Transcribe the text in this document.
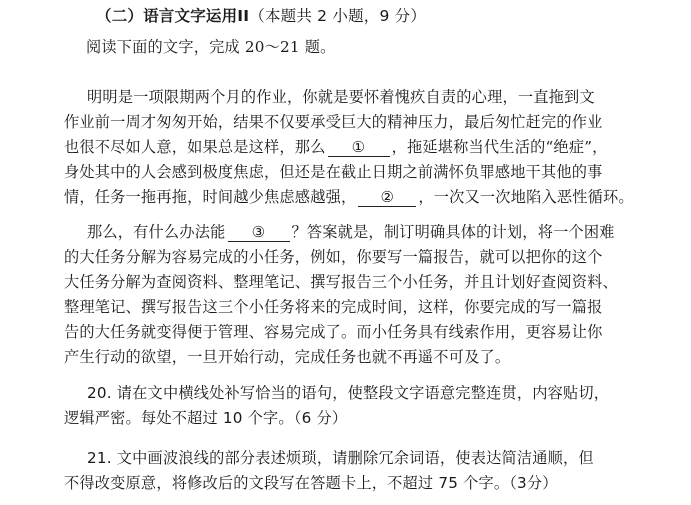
（二）语言文字运用II（本题共 2 小题，9 分）
阅读下面的文字，完成 20～21 题。
明明是一项限期两个月的作业，你就是要怀着愧疚自责的心理，一直拖到文
作业前一周才匆匆开始，结果不仅要承受巨大的精神压力，最后匆忙赶完的作业
也很不尽如人意，如果总是这样，那么 ① ，拖延堪称当代生活的“绝症”，
身处其中的人会感到极度焦虑，但还是在截止日期之前满怀负罪感地干其他的事
情，任务一拖再拖，时间越少焦虑感越强， ② ，一次又一次地陷入恶性循环。
那么，有什么办法能 ③ ？答案就是，制订明确具体的计划，将一个困难
的大任务分解为容易完成的小任务，例如，你要写一篇报告，就可以把你的这个
大任务分解为查阅资料、整理笔记、撰写报告三个小任务，并且计划好查阅资料、
整理笔记、撰写报告这三个小任务将来的完成时间，这样，你要完成的写一篇报
告的大任务就变得便于管理、容易完成了。而小任务具有线索作用，更容易让你
产生行动的欲望，一旦开始行动，完成任务也就不再遥不可及了。
20. 请在文中横线处补写恰当的语句，使整段文字语意完整连贯，内容贴切，
逻辑严密。每处不超过 10 个字。（6 分）
21. 文中画波浪线的部分表述烦琐，请删除冗余词语，使表达简洁通顺，但
不得改变原意，将修改后的文段写在答题卡上，不超过 75 个字。（3分）
